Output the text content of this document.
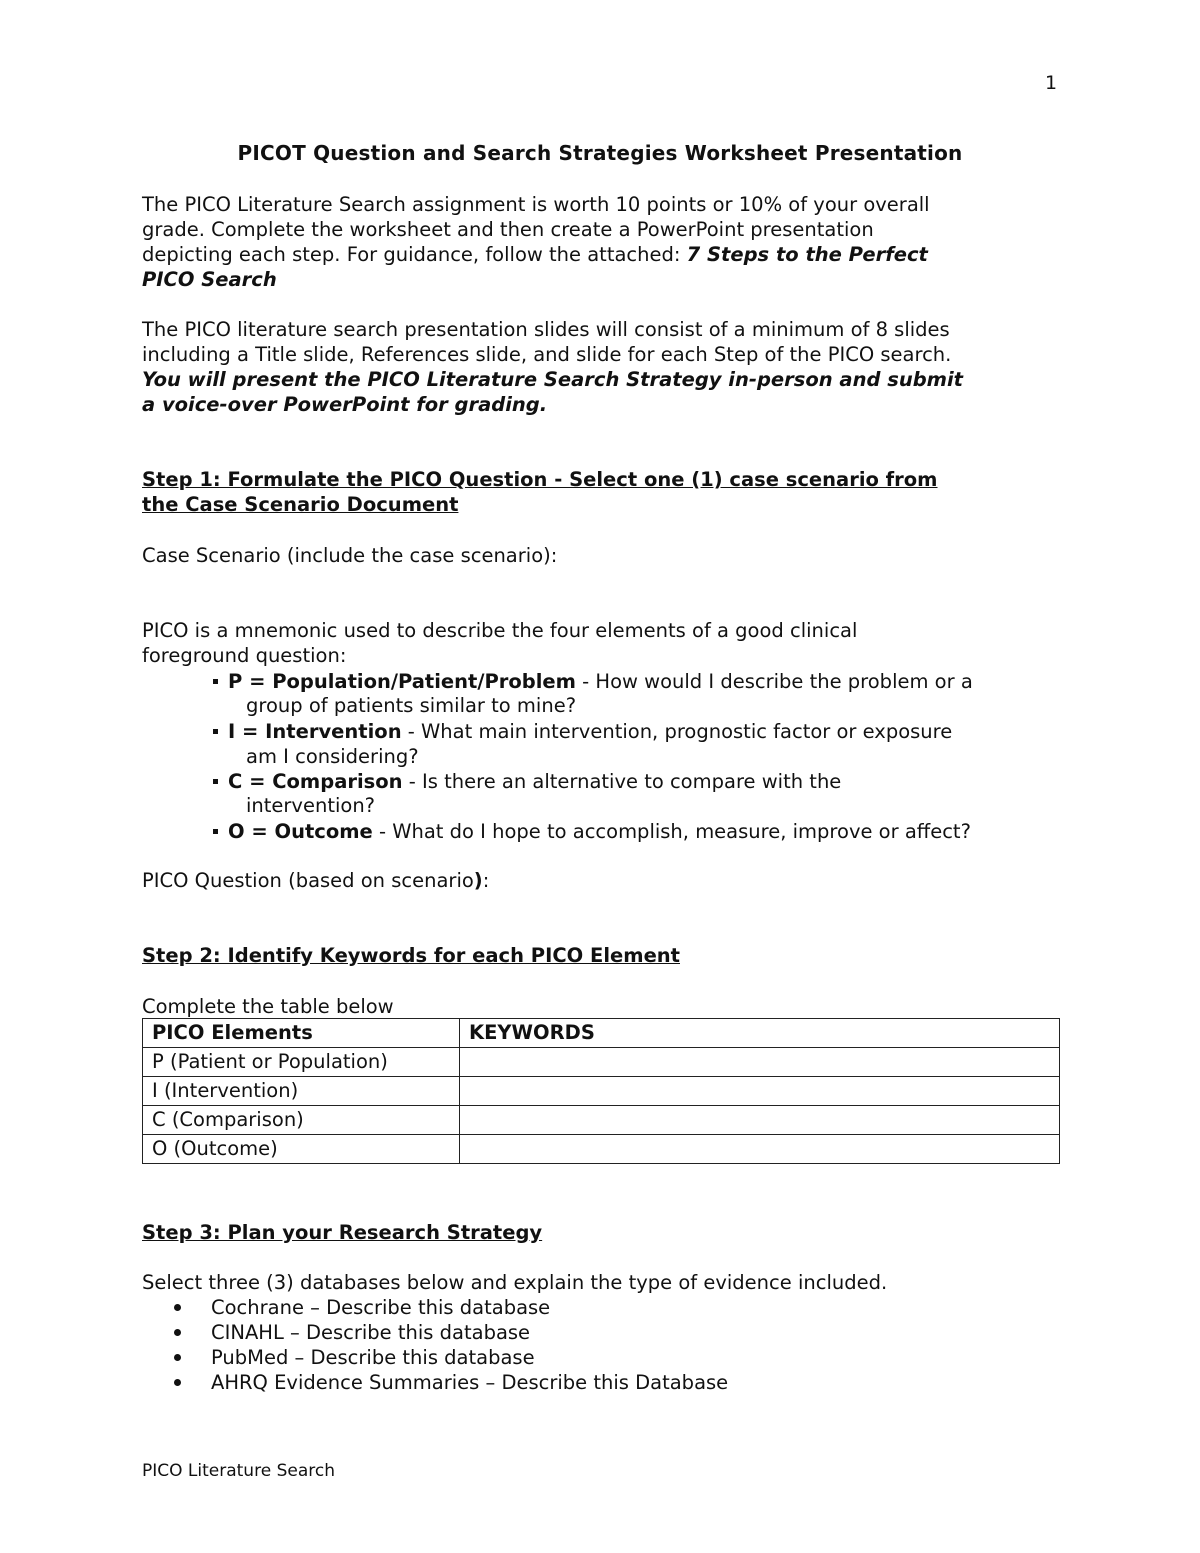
1
PICOT Question and Search Strategies Worksheet Presentation
The PICO Literature Search assignment is worth 10 points or 10% of your overall
grade. Complete the worksheet and then create a PowerPoint presentation
depicting each step. For guidance, follow the attached: 7 Steps to the Perfect
PICO Search
The PICO literature search presentation slides will consist of a minimum of 8 slides
including a Title slide, References slide, and slide for each Step of the PICO search.
You will present the PICO Literature Search Strategy in-person and submit
a voice-over PowerPoint for grading.
Step 1: Formulate the PICO Question - Select one (1) case scenario from
the Case Scenario Document
Case Scenario (include the case scenario):
PICO is a mnemonic used to describe the four elements of a good clinical
foreground question:
P = Population/Patient/Problem - How would I describe the problem or a
group of patients similar to mine?
I = Intervention - What main intervention, prognostic factor or exposure
am I considering?
C = Comparison - Is there an alternative to compare with the
intervention?
O = Outcome - What do I hope to accomplish, measure, improve or affect?
PICO Question (based on scenario):
Step 2: Identify Keywords for each PICO Element
Complete the table below
PICO Elements	KEYWORDS
P (Patient or Population)	
I (Intervention)	
C (Comparison)	
O (Outcome)	
Step 3: Plan your Research Strategy
Select three (3) databases below and explain the type of evidence included.
Cochrane – Describe this database
CINAHL – Describe this database
PubMed – Describe this database
AHRQ Evidence Summaries – Describe this Database
PICO Literature Search
